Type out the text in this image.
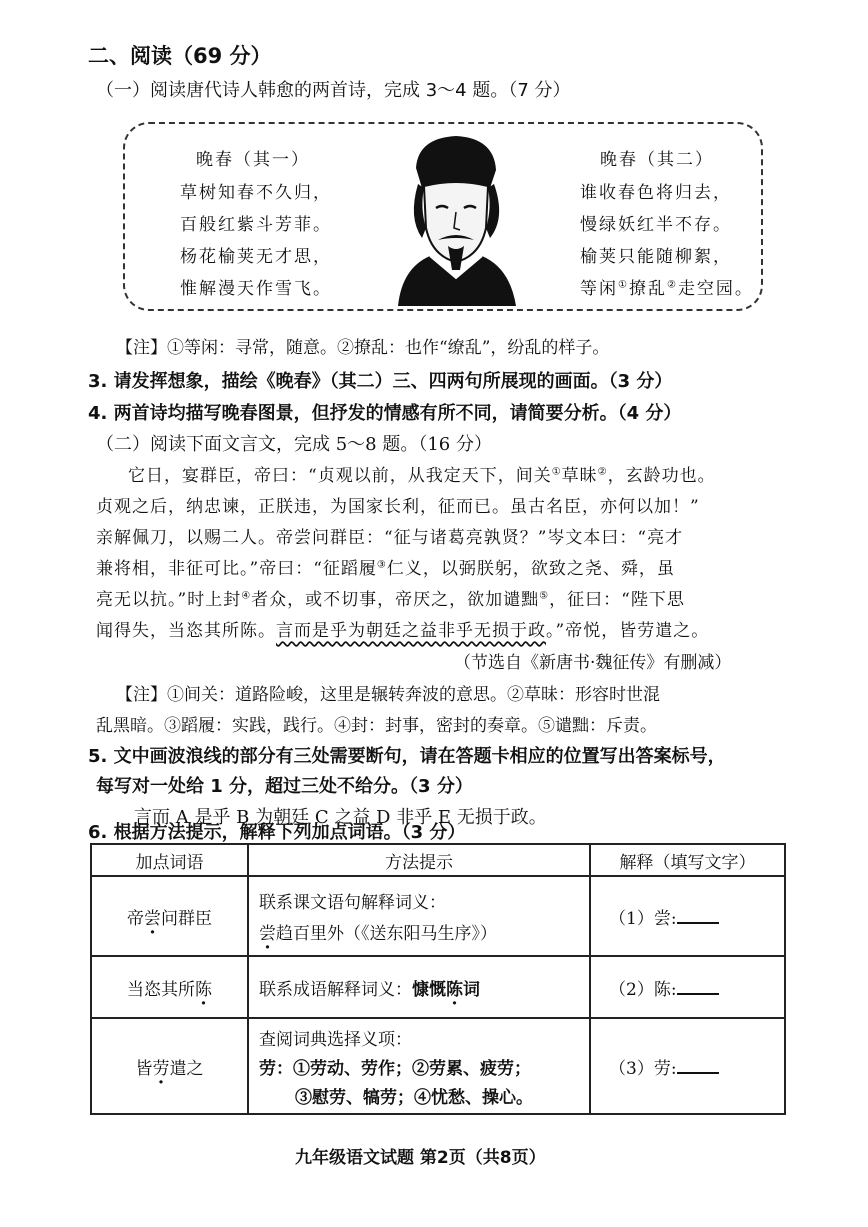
二、阅读（69 分）
（一）阅读唐代诗人韩愈的两首诗，完成 3～4 题。（7 分）
晚春（其一）
草树知春不久归，
百般红紫斗芳菲。
杨花榆荚无才思，
惟解漫天作雪飞。
晚春（其二）
谁收春色将归去，
慢绿妖红半不存。
榆荚只能随柳絮，
等闲①撩乱②走空园。
【注】①等闲：寻常，随意。②撩乱：也作“缭乱”，纷乱的样子。
3. 请发挥想象，描绘《晚春》（其二）三、四两句所展现的画面。（3 分）
4. 两首诗均描写晚春图景，但抒发的情感有所不同，请简要分析。（4 分）
（二）阅读下面文言文，完成 5～8 题。（16 分）
它日，宴群臣，帝曰：“贞观以前，从我定天下，间关①草昧②，玄龄功也。
贞观之后，纳忠谏，正朕违，为国家长利，征而已。虽古名臣，亦何以加！”
亲解佩刀，以赐二人。帝尝问群臣：“征与诸葛亮孰贤？”岑文本曰：“亮才
兼将相，非征可比。”帝曰：“征蹈履③仁义，以弼朕躬，欲致之尧、舜，虽
亮无以抗。”时上封④者众，或不切事，帝厌之，欲加谴黜⑤，征曰：“陛下思
闻得失，当恣其所陈。言而是乎为朝廷之益非乎无损于政。”帝悦，皆劳遣之。
（节选自《新唐书·魏征传》有删减）
【注】①间关：道路险峻，这里是辗转奔波的意思。②草昧：形容时世混
乱黑暗。③蹈履：实践，践行。④封：封事，密封的奏章。⑤谴黜：斥责。
5. 文中画波浪线的部分有三处需要断句，请在答题卡相应的位置写出答案标号，
每写对一处给 1 分，超过三处不给分。（3 分）
言而 A 是乎 B 为朝廷 C 之益 D 非乎 E 无损于政。
6. 根据方法提示，解释下列加点词语。（3 分）
加点词语	方法提示	解释（填写文字）
帝尝问群臣	联系课文语句解释词义：
尝趋百里外（《送东阳马生序》）	（1）尝:
当恣其所陈	联系成语解释词义：慷慨陈词	（2）陈:
皆劳遣之	查阅词典选择义项：
劳：①劳动、劳作；②劳累、疲劳；
③慰劳、犒劳；④忧愁、操心。	（3）劳:
九年级语文试题 第2页（共8页）
